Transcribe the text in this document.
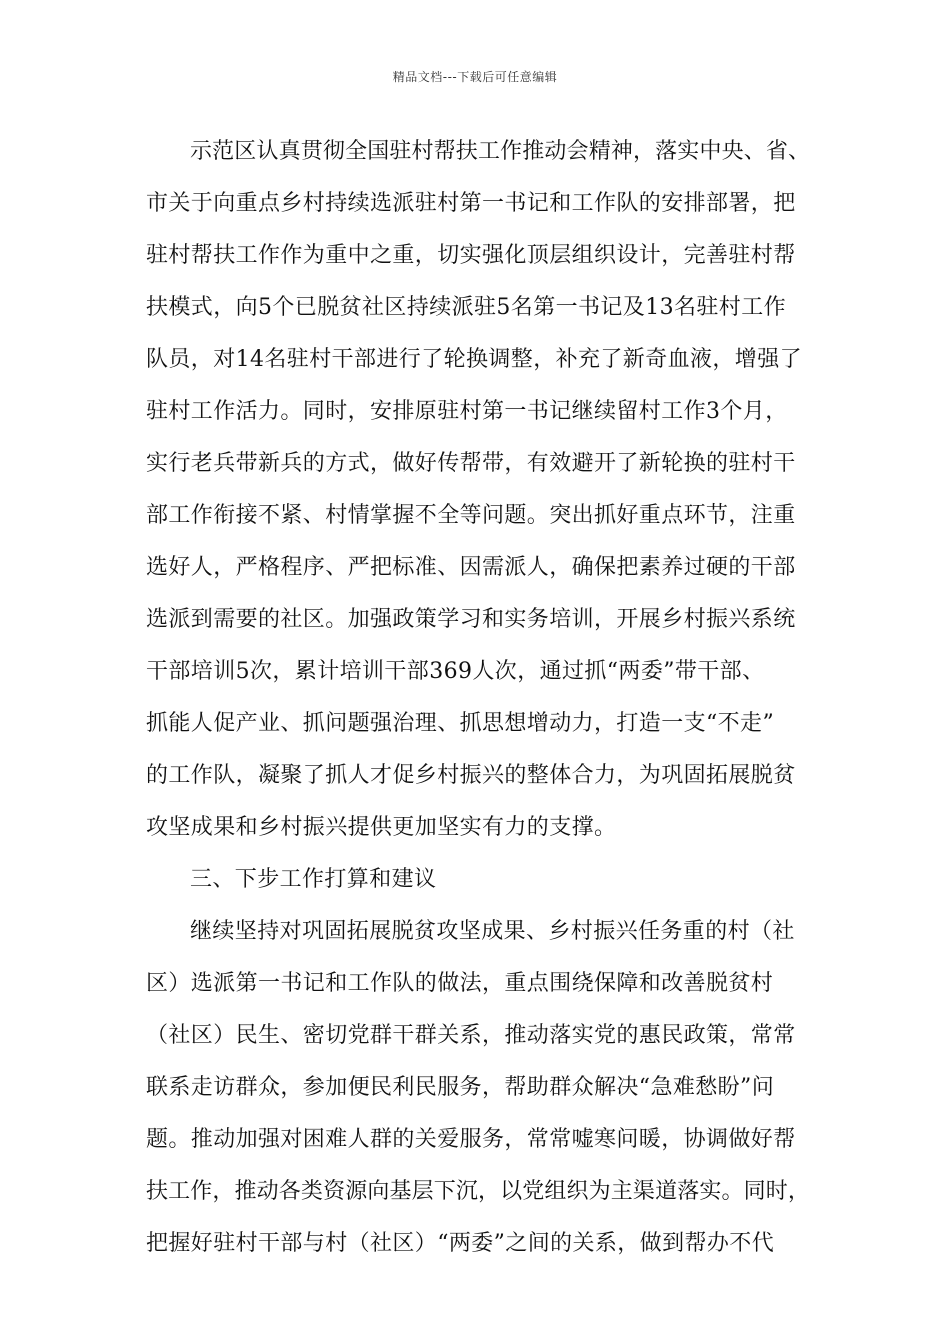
精品文档---下载后可任意编辑
示范区认真贯彻全国驻村帮扶工作推动会精神，落实中央、省、
市关于向重点乡村持续选派驻村第一书记和工作队的安排部署，把
驻村帮扶工作作为重中之重，切实强化顶层组织设计，完善驻村帮
扶模式，向5个已脱贫社区持续派驻5名第一书记及13名驻村工作
队员，对14名驻村干部进行了轮换调整，补充了新奇血液，增强了
驻村工作活力。同时，安排原驻村第一书记继续留村工作3个月，
实行老兵带新兵的方式，做好传帮带，有效避开了新轮换的驻村干
部工作衔接不紧、村情掌握不全等问题。突出抓好重点环节，注重
选好人，严格程序、严把标准、因需派人，确保把素养过硬的干部
选派到需要的社区。加强政策学习和实务培训，开展乡村振兴系统
干部培训5次，累计培训干部369人次，通过抓“两委”带干部、
抓能人促产业、抓问题强治理、抓思想增动力，打造一支“不走”
的工作队，凝聚了抓人才促乡村振兴的整体合力，为巩固拓展脱贫
攻坚成果和乡村振兴提供更加坚实有力的支撑。
三、下步工作打算和建议
继续坚持对巩固拓展脱贫攻坚成果、乡村振兴任务重的村（社
区）选派第一书记和工作队的做法，重点围绕保障和改善脱贫村
（社区）民生、密切党群干群关系，推动落实党的惠民政策，常常
联系走访群众，参加便民利民服务，帮助群众解决“急难愁盼”问
题。推动加强对困难人群的关爱服务，常常嘘寒问暖，协调做好帮
扶工作，推动各类资源向基层下沉，以党组织为主渠道落实。同时，
把握好驻村干部与村（社区）“两委”之间的关系，做到帮办不代
